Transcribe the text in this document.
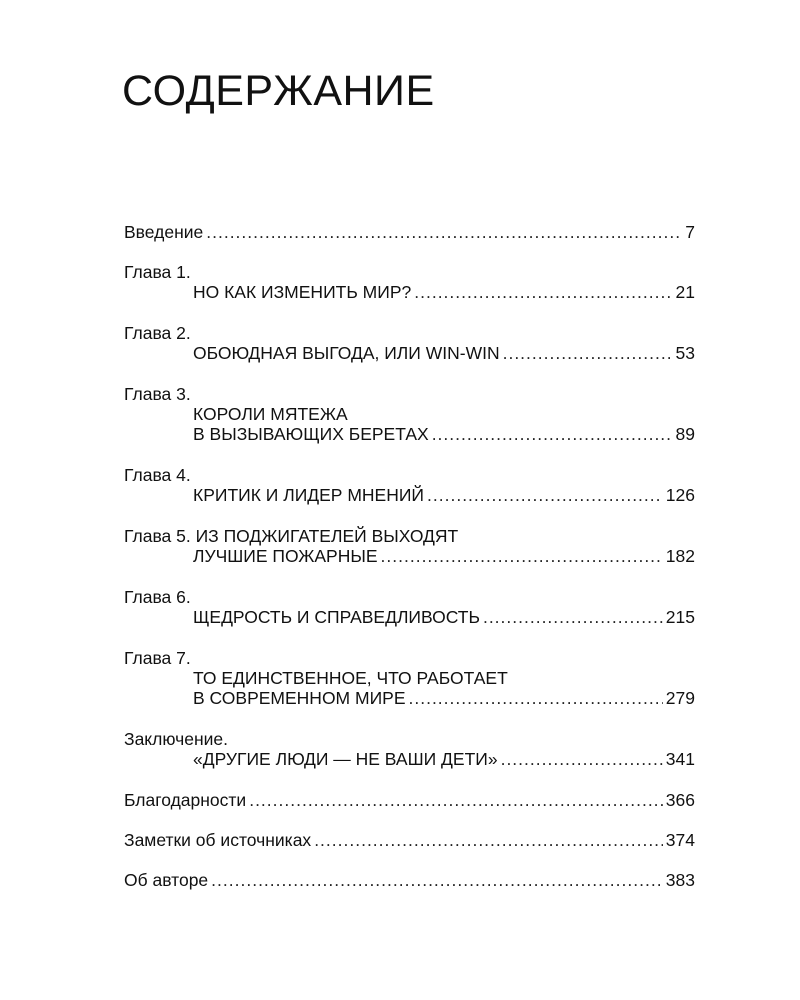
СОДЕРЖАНИЕ
Введение .....	7
Глава 1.
НО КАК ИЗМЕНИТЬ МИР? .....	21
Глава 2.
ОБОЮДНАЯ ВЫГОДА, ИЛИ WIN-WIN .....	53
Глава 3.
КОРОЛИ МЯТЕЖА
В ВЫЗЫВАЮЩИХ БЕРЕТАХ .....	89
Глава 4.
КРИТИК И ЛИДЕР МНЕНИЙ .....	126
Глава 5. ИЗ ПОДЖИГАТЕЛЕЙ ВЫХОДЯТ
ЛУЧШИЕ ПОЖАРНЫЕ .....	182
Глава 6.
ЩЕДРОСТЬ И СПРАВЕДЛИВОСТЬ .....	215
Глава 7.
ТО ЕДИНСТВЕННОЕ, ЧТО РАБОТАЕТ
В СОВРЕМЕННОМ МИРЕ .....	279
Заключение.
«ДРУГИЕ ЛЮДИ — НЕ ВАШИ ДЕТИ» .....	341
Благодарности .....	366
Заметки об источниках .....	374
Об авторе .....	383
